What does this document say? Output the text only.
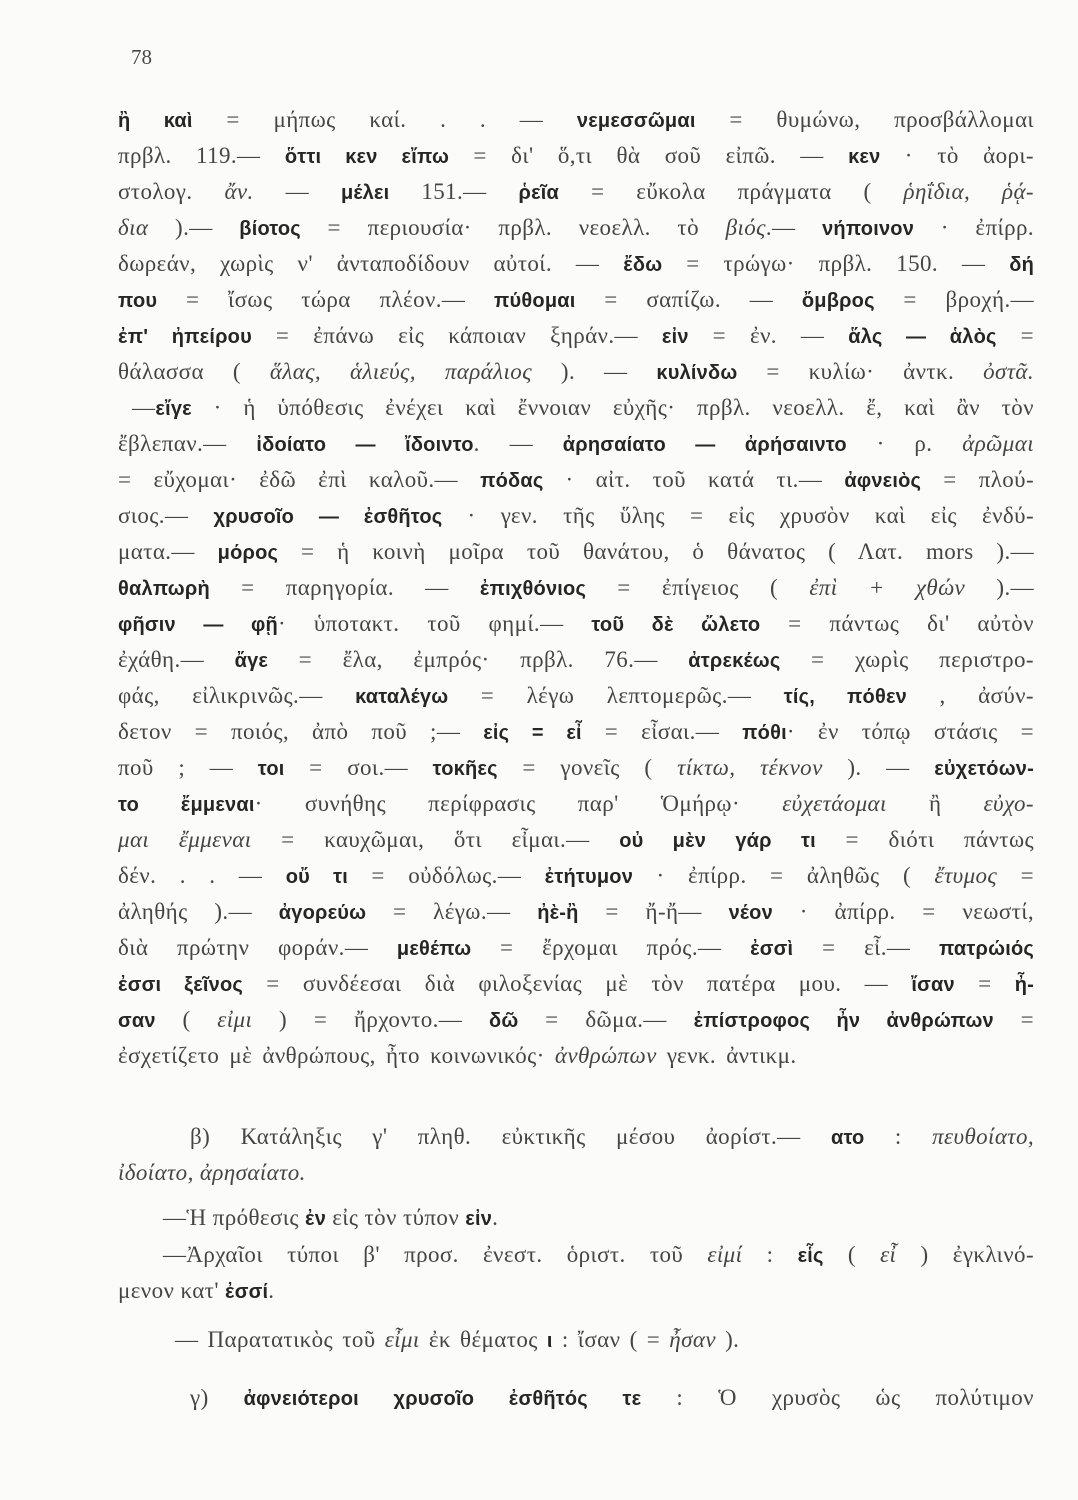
78
ἢ καὶ = μήπως καί. . . — νεμεσσῶμαι = θυμώνω, προσβάλλομαι
πρβλ. 119.— ὅττι κεν εἴπω = δι' ὅ,τι θὰ σοῦ εἰπῶ. — κεν · τὸ ἀορι-
στολογ. ἄν. — μέλει 151.— ῥεῖα = εὔκολα πράγματα ( ῥηΐδια, ῥᾴ-
δια ).— βίοτος = περιουσία· πρβλ. νεοελλ. τὸ βιός.— νήποινον · ἐπίρρ.
δωρεάν, χωρὶς ν' ἀνταποδίδουν αὐτοί. — ἔδω = τρώγω· πρβλ. 150. — δή
που = ἴσως τώρα πλέον.— πύθομαι = σαπίζω. — ὄμβρος = βροχή.—
ἐπ' ἠπείρου = ἐπάνω εἰς κάποιαν ξηράν.— εἰν = ἐν. — ἅλς — ἁλὸς =
θάλασσα ( ἅλας, ἁλιεύς, παράλιος ). — κυλίνδω = κυλίω· ἀντκ. ὀστᾶ.
—εἴγε · ἡ ὑπόθεσις ἐνέχει καὶ ἔννοιαν εὐχῆς· πρβλ. νεοελλ. ἔ, καὶ ἂν τὸν
ἔβλεπαν.— ἰδοίατο — ἴδοιντο. — ἀρησαίατο — ἀρήσαιντο · ρ. ἀρῶμαι
= εὔχομαι· ἐδῶ ἐπὶ καλοῦ.— πόδας · αἰτ. τοῦ κατά τι.— ἀφνειὸς = πλού-
σιος.— χρυσοῖο — ἐσθῆτος · γεν. τῆς ὕλης = εἰς χρυσὸν καὶ εἰς ἐνδύ-
ματα.— μόρος = ἡ κοινὴ μοῖρα τοῦ θανάτου, ὁ θάνατος ( Λατ. mors ).—
θαλπωρὴ = παρηγορία. — ἐπιχθόνιος = ἐπίγειος ( ἐπὶ + χθών ).—
φῆσιν — φῇ· ὑποτακτ. τοῦ φημί.— τοῦ δὲ ὤλετο = πάντως δι' αὐτὸν
ἐχάθη.— ἄγε = ἔλα, ἐμπρός· πρβλ. 76.— ἀτρεκέως = χωρὶς περιστρο-
φάς, εἰλικρινῶς.— καταλέγω = λέγω λεπτομερῶς.— τίς, πόθεν , ἀσύν-
δετον = ποιός, ἀπὸ ποῦ ;— εἰς = εἶ = εἶσαι.— πόθι· ἐν τόπῳ στάσις =
ποῦ ; — τοι = σοι.— τοκῆες = γονεῖς ( τίκτω, τέκνον ). — εὐχετόων-
το ἔμμεναι· συνήθης περίφρασις παρ' Ὁμήρῳ· εὐχετάομαι ἢ εὐχο-
μαι ἔμμεναι = καυχῶμαι, ὅτι εἶμαι.— οὐ μὲν γάρ τι = διότι πάντως
δέν. . . — οὔ τι = οὐδόλως.— ἐτήτυμον · ἐπίρρ. = ἀληθῶς ( ἔτυμος =
ἀληθής ).— ἀγορεύω = λέγω.— ἠὲ-ἢ = ἤ-ἤ— νέον · ἀπίρρ. = νεωστί,
διὰ πρώτην φοράν.— μεθέπω = ἔρχομαι πρός.— ἐσσὶ = εἶ.— πατρώιός
ἐσσι ξεῖνος = συνδέεσαι διὰ φιλοξενίας μὲ τὸν πατέρα μου. — ἴσαν = ἦ-
σαν ( εἰμι ) = ἤρχοντο.— δῶ = δῶμα.— ἐπίστροφος ἦν ἀνθρώπων =
ἐσχετίζετο μὲ ἀνθρώπους, ἦτο κοινωνικός· ἀνθρώπων γενκ. ἀντικμ.
β) Κατάληξις γ' πληθ. εὐκτικῆς μέσου ἀορίστ.— ατο : πευθοίατο,
ἰδοίατο, ἀρησαίατο.
—Ἡ πρόθεσις ἐν εἰς τὸν τύπον εἰν.
—Ἀρχαῖοι τύποι β' προσ. ἐνεστ. ὁριστ. τοῦ εἰμί : εἷς ( εἶ ) ἐγκλινό-
μενον κατ' ἐσσί.
— Παρατατικὸς τοῦ εἶμι ἐκ θέματος ι : ἴσαν ( = ἦσαν ).
γ) ἀφνειότεροι χρυσοῖο ἐσθῆτός τε : Ὁ χρυσὸς ὡς πολύτιμον
